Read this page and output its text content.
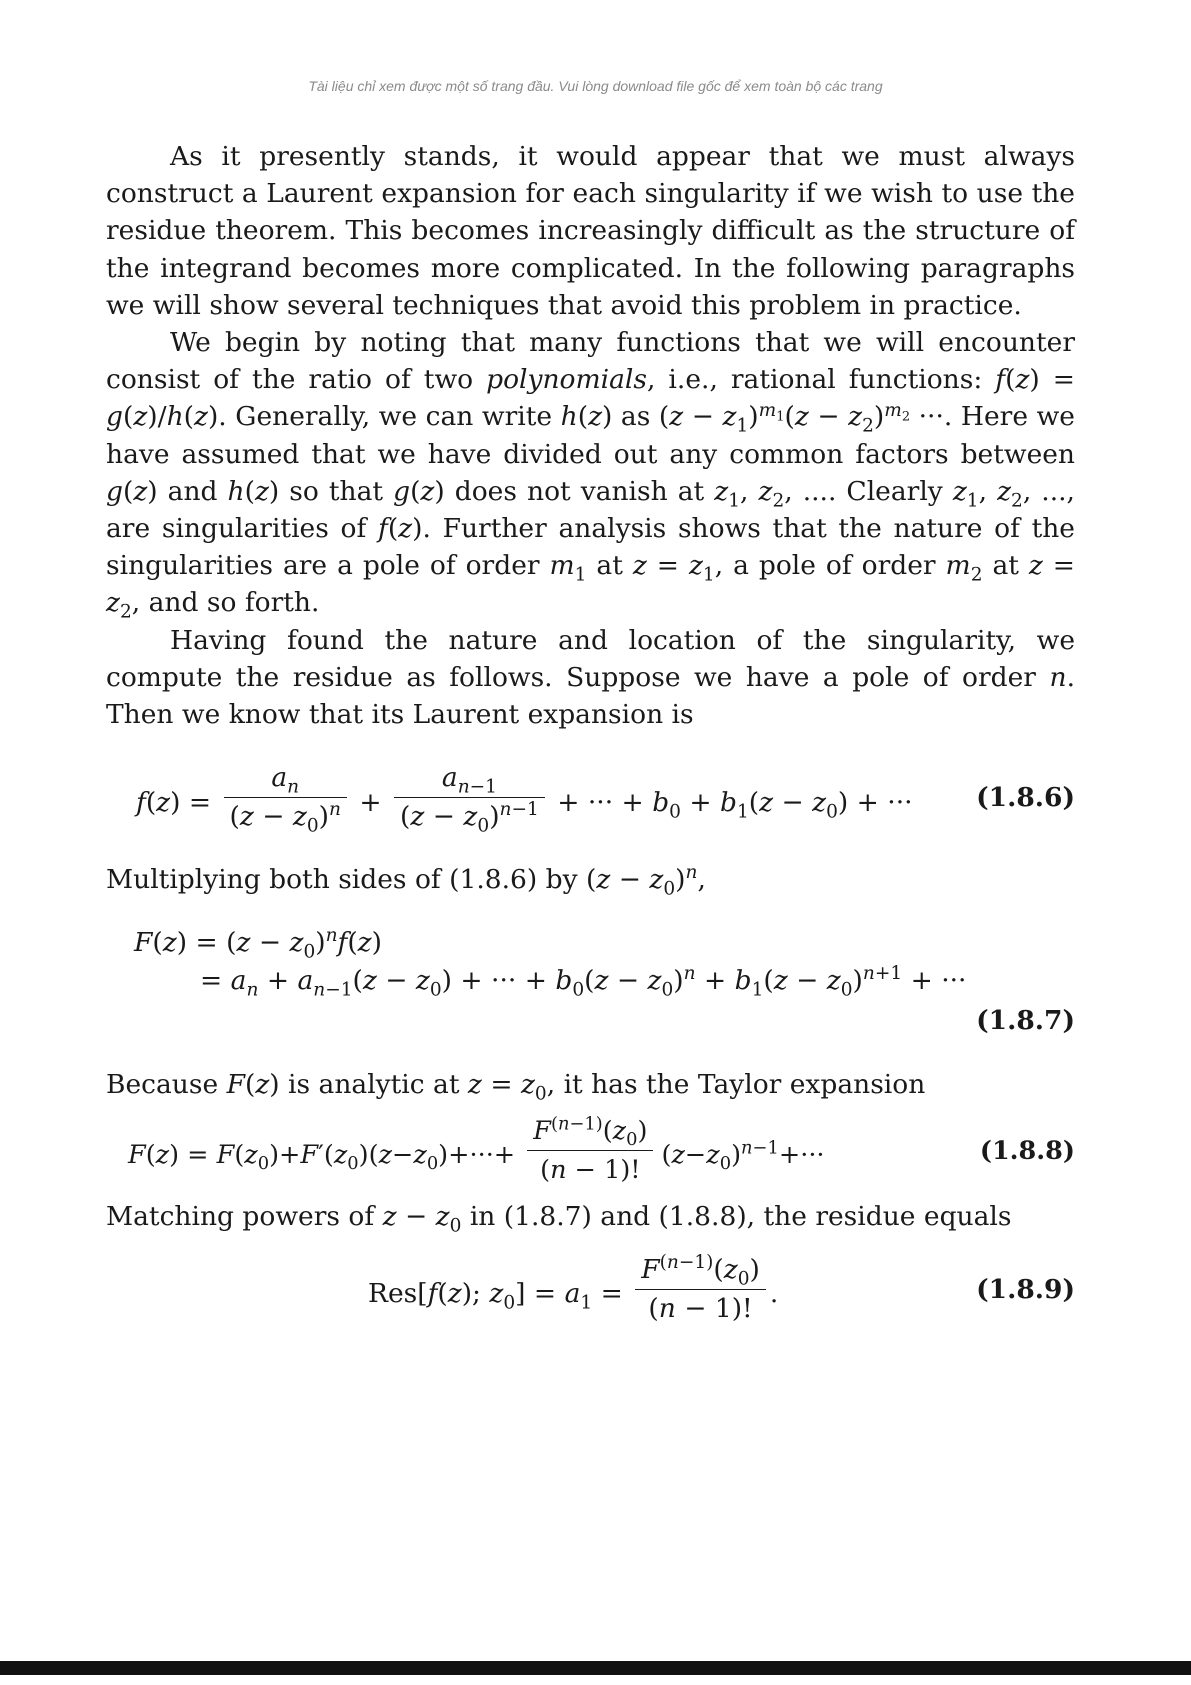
Tài liệu chỉ xem được một số trang đầu. Vui lòng download file gốc để xem toàn bộ các trang

As it presently stands, it would appear that we must always construct a Laurent expansion for each singularity if we wish to use the residue theorem. This becomes increasingly difficult as the structure of the integrand becomes more complicated. In the following paragraphs we will show several techniques that avoid this problem in practice.

We begin by noting that many functions that we will encounter consist of the ratio of two polynomials, i.e., rational functions: f(z) = g(z)/h(z). Generally, we can write h(z) as $(z - z_1)^{m_1}(z - z_2)^{m_2}$ ···. Here we have assumed that we have divided out any common factors between g(z) and h(z) so that g(z) does not vanish at $z_1$, $z_2$, .... Clearly $z_1$, $z_2$, ..., are singularities of f(z). Further analysis shows that the nature of the singularities are a pole of order $m_1$ at $z = z_1$, a pole of order $m_2$ at $z = z_2$, and so forth.

Having found the nature and location of the singularity, we compute the residue as follows. Suppose we have a pole of order n. Then we know that its Laurent expansion is

$f(z) = \frac{a_n}{(z - z_0)^n} + \frac{a_{n-1}}{(z - z_0)^{n-1}}$ + ··· + $b_0 + b_1(z - z_0)$ + ··· (1.8.6)

Multiplying both sides of (1.8.6) by $(z - z_0)^n$,

$F(z) = (z - z_0)^nf(z)$
= $a_n + a_{n-1}(z - z_0)$ + ··· + $b_0(z - z_0)^n + b_1(z - z_0)^{n+1}$ + ···
(1.8.7)

Because F(z) is analytic at $z = z_0$, it has the Taylor expansion

$F(z) = F(z_0)+F'(z_0)(z-z_0)+\cdot\cdot\cdot+ \frac{F^{(n-1)}(z_0)}{(n - 1)!} (z-z_0)^{n-1}+\cdot\cdot\cdot$	(1.8.8)

Matching powers of $z - z_0$ in (1.8.7) and (1.8.8), the residue equals

Res[f(z); $z_0] = a_1 = \frac{F^{(n-1)}(z_0)}{(n - 1)!}$ .	(1.8.9)
